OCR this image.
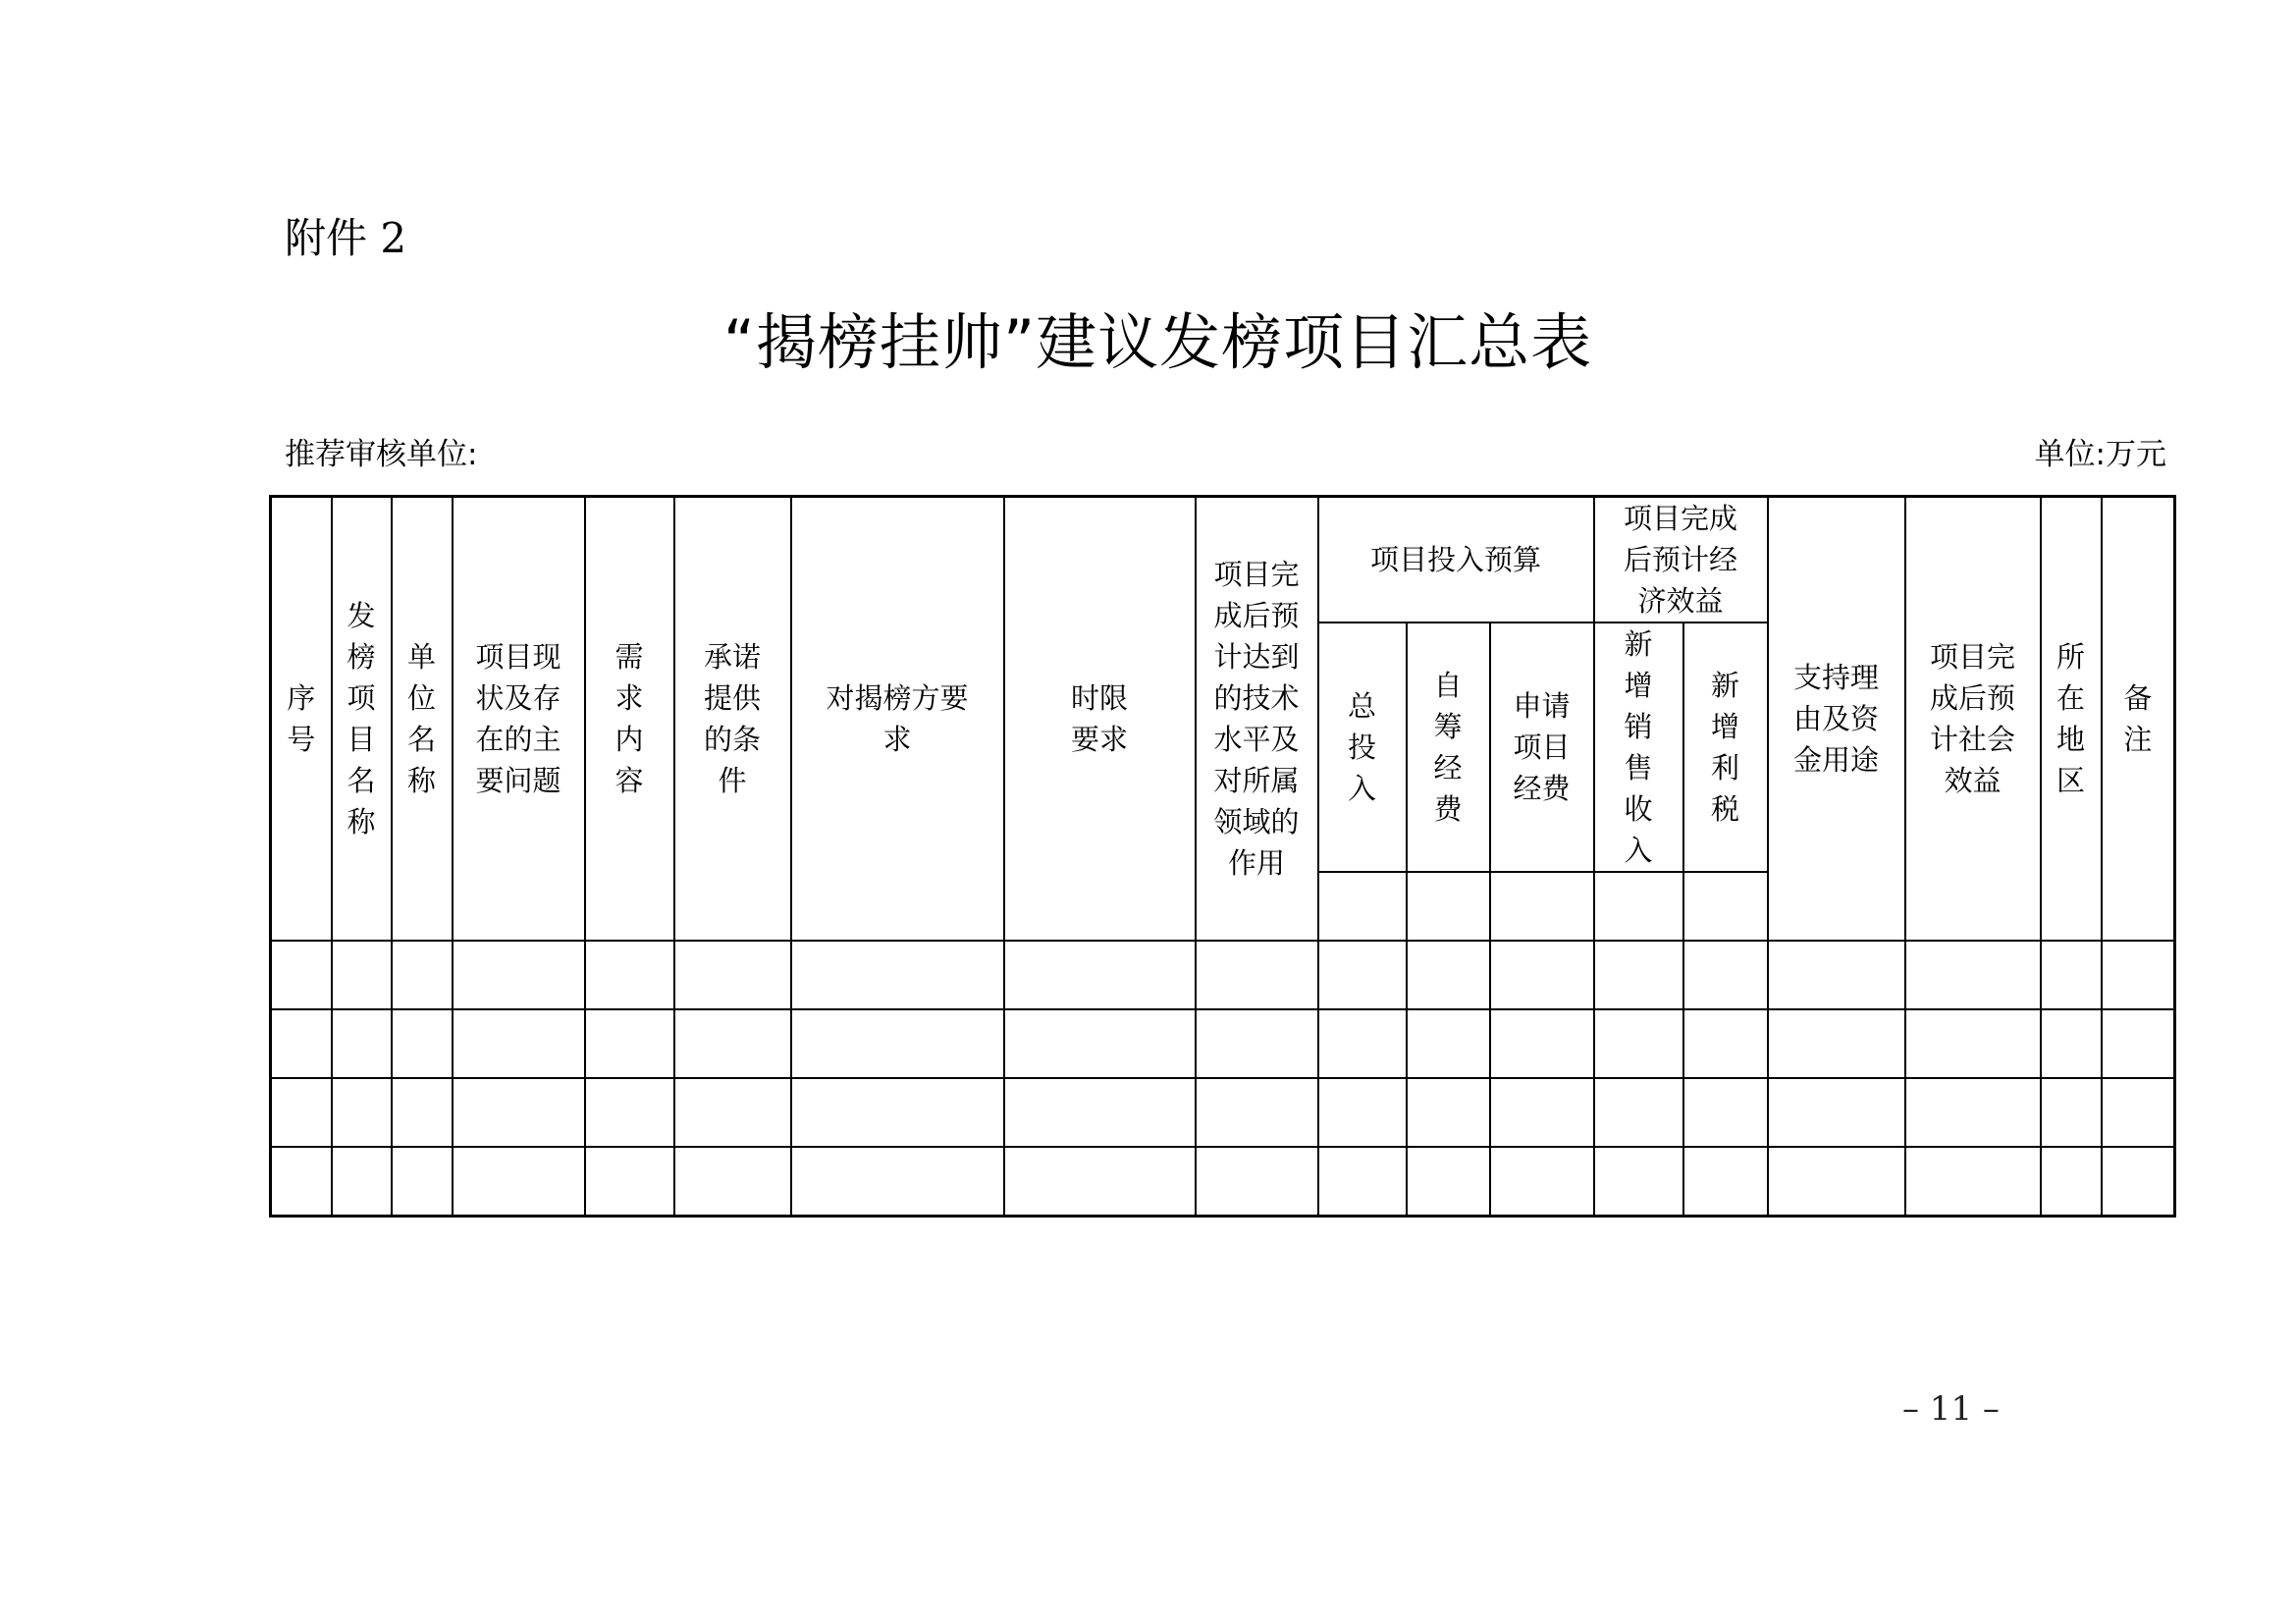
附件 2
“揭榜挂帅”建议发榜项目汇总表
推荐审核单位:	单位:万元
序号	发榜项目名称	单位名称	项目现状及存在的主要问题	需求内容	承诺提供的条件	对揭榜方要求	时限要求	项目完成后预计达到的技术水平及对所属领域的作用	项目投入预算			项目完成后预计经济效益		支持理由及资金用途	项目完成后预计社会效益	所在地区	备注
									总投入	自筹经费	申请项目经费	新增销售收入	新增利税				

– 11 –
